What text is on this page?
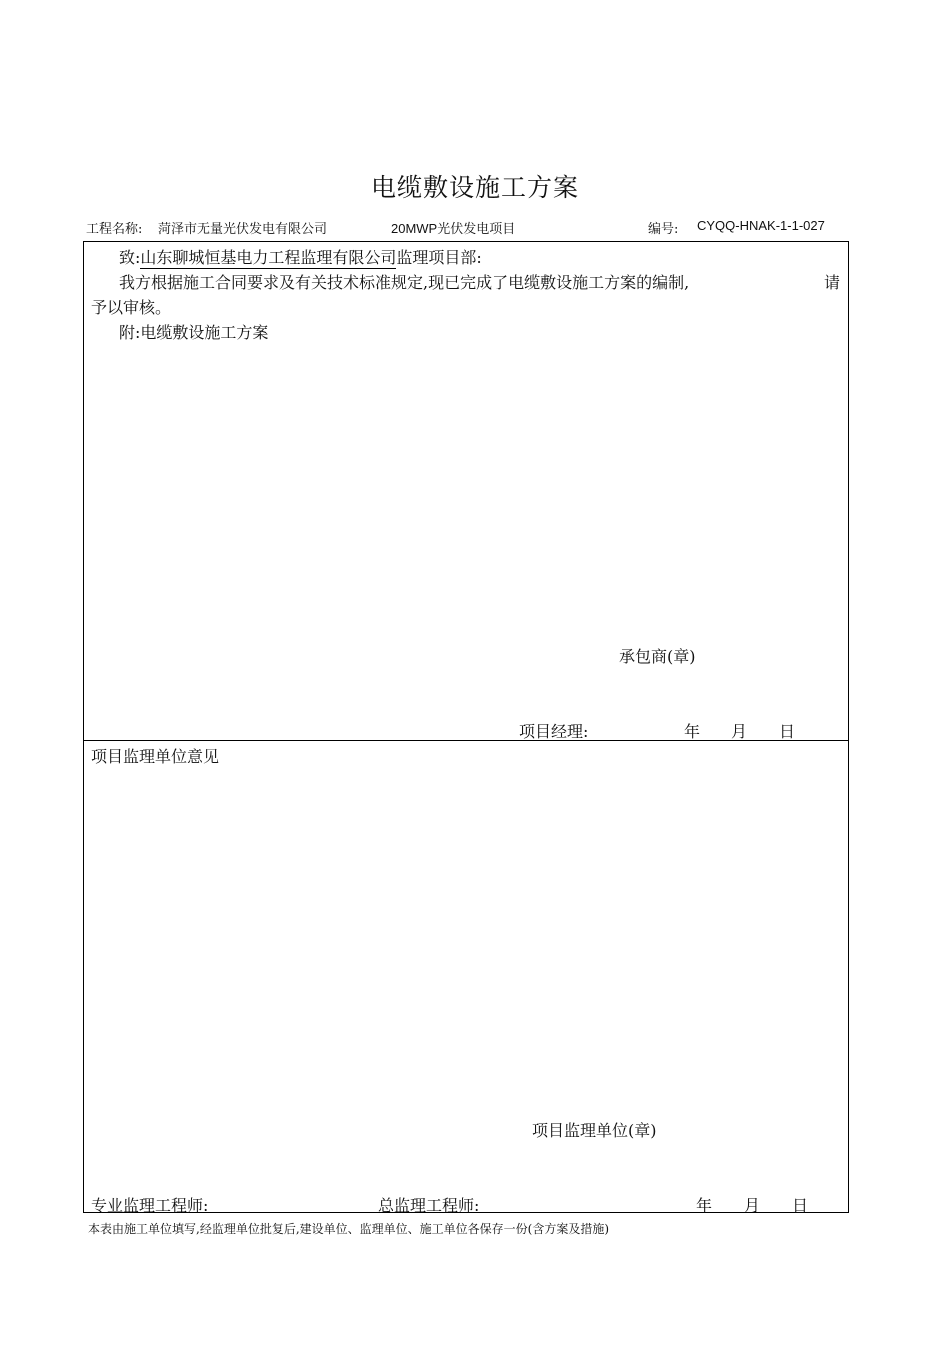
电缆敷设施工方案
工程名称: 菏泽市无量光伏发电有限公司	20MWP光伏发电项目	编号: CYQQ-HNAK-1-1-027
致:山东聊城恒基电力工程监理有限公司监理项目部:
我方根据施工合同要求及有关技术标准规定,现已完成了电缆敷设施工方案的编制,	请
予以审核。
附:电缆敷设施工方案
承包商(章)
项目经理:	年 月 日
项目监理单位意见
项目监理单位(章)
专业监理工程师:	总监理工程师:	年 月 日
本表由施工单位填写,经监理单位批复后,建设单位、监理单位、施工单位各保存一份(含方案及措施)
